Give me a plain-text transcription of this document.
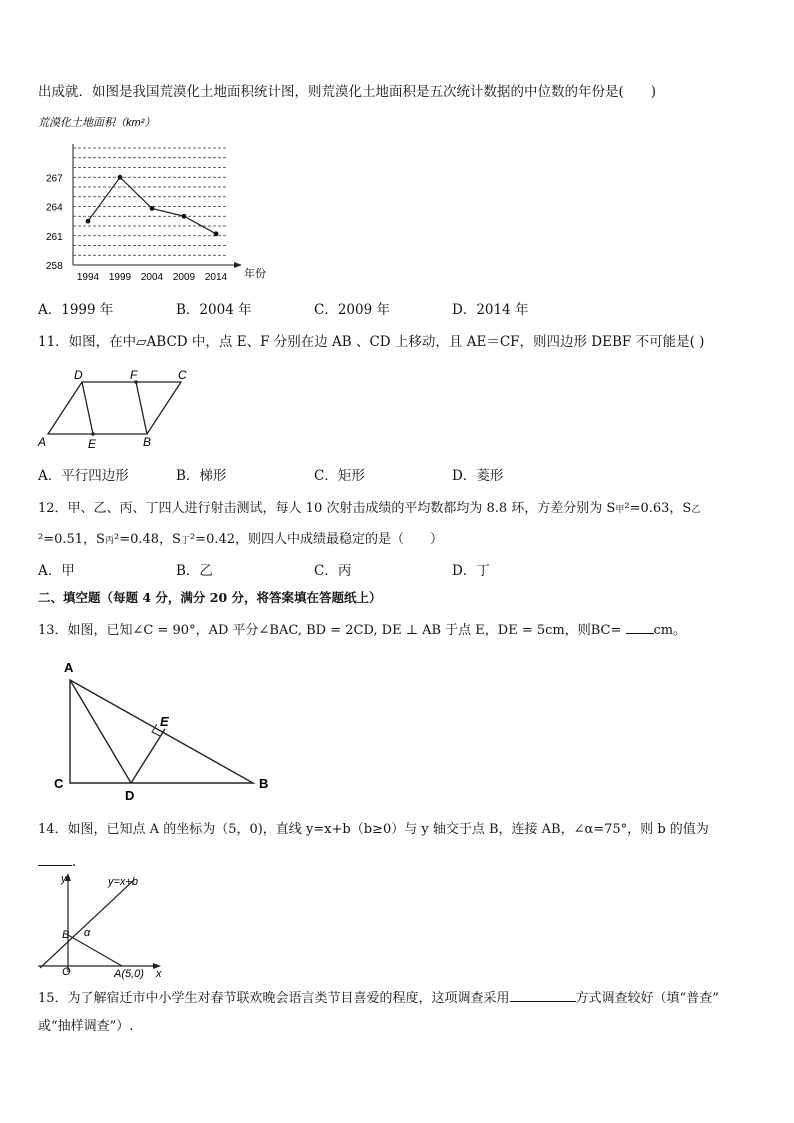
出成就．如图是我国荒漠化土地面积统计图，则荒漠化土地面积是五次统计数据的中位数的年份是(　　)
荒漠化土地面积（km²）
258
261
264
267
1994 1999 2004 2009 2014 年份
A．1999 年	B．2004 年	C．2009 年	D．2014 年
11．如图，在中▱ABCD 中，点 E、F 分别在边 AB 、CD 上移动，且 AE＝CF，则四边形 DEBF 不可能是( )
D	F	C
A	E	B
A．平行四边形	B．梯形	C．矩形	D．菱形
12．甲、乙、丙、丁四人进行射击测试，每人 10 次射击成绩的平均数都均为 8.8 环，方差分别为 S甲²=0.63，S乙
²=0.51，S丙²=0.48，S丁²=0.42，则四人中成绩最稳定的是（　　）
A．甲	B．乙	C．丙	D．丁
二、填空题（每题 4 分，满分 20 分，将答案填在答题纸上）
13．如图，已知∠C = 90°，AD 平分∠BAC, BD = 2CD, DE ⊥ AB 于点 E，DE = 5cm，则BC= cm。
A
E
C
D
B
14．如图，已知点 A 的坐标为（5，0)，直线 y=x+b（b≥0）与 y 轴交于点 B，连接 AB，∠α=75°，则 b 的值为
.
y	y=x+b
B α
O	A(5,0) x
15．为了解宿迁市中小学生对春节联欢晚会语言类节目喜爱的程度，这项调查采用	方式调查较好（填“普查”
或“抽样调查”）.
